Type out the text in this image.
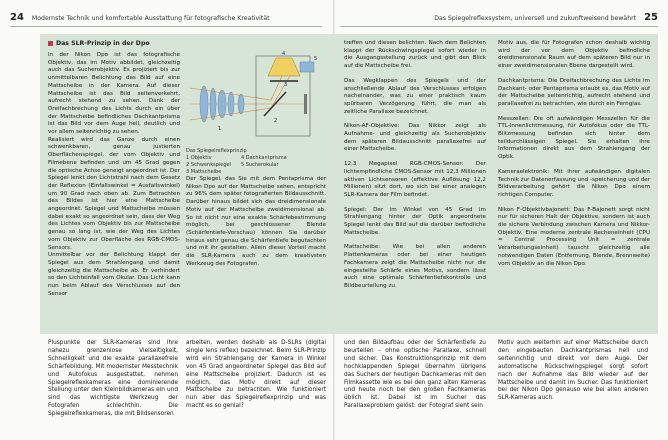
24 Modernste Technik und komfortable Ausstattung für fotografische Kreativität
Das SLR-Prinzip in der Dpo

In der Nikon Dpo ist das fotografische Objektiv, das im Motiv abbildet, gleichzeitig auch das Sucherobjektiv. Es projiziert bis zur unmittelbaren Belichtung das Bild auf eine Mattscheibe in der Kamera. Auf dieser Mattscheibe ist das Bild seitenverkehrt, aufrecht stehend zu sehen. Dank der Dreifachbrechung des Lichts durch ein über der Mattscheibe befindliches Dachkantprisma ist das Bild vor dem Auge hell, deutlich und vor allem seitenrichtig zu sehen.

Realisiert wird das Ganze durch einen schwenkbaren, genau justierten Oberflächenspiegel, der vom Objektiv und Filmebene befinden und um 45 Grad gegen die optische Achse geneigt angeordnet ist. Der Spiegel lenkt den Lichtstrahl nach dem Gesetz der Reflexion (Einfallswinkel = Ausfallswinkel) um 90 Grad nach oben ab. Zum Betrachten des Bildes ist hier eine Mattscheibe angeordnet. Spiegel und Mattscheibe müssen dabei exakt so angeordnet sein, dass der Weg des Lichtes vom Objektiv bis zur Mattscheibe genau so lang ist, wie der Weg des Lichtes vom Objektiv zur Oberfläche des RGB-CMOS-Sensors.

Unmittelbar vor der Belichtung klappt der Spiegel aus dem Strahlengang und damit gleichzeitig die Mattscheibe ab. Er verhindert so den Lichteinfall vom Okular. Das Licht kann nun beim Ablauf des Verschlusses auf den Sensor

1
2
3
4
5
Das Spiegelreflexprinzip
1 Objektiv
2 Schwenkspiegel
3 Mattscheibe
4 Dachkantprisma
5 Sucherokular

Der Spiegel, das Sie mit dem Pentaprisma der Nikon Dpo auf der Mattscheibe sehen, entspricht zu 96% dem später fotografierten Bildausschnitt. Darüber hinaus bildet sich das dreidimensionale Motiv auf der Mattscheibe zweidimensional ab. So ist nicht nur eine exakte Schärfebestimmung möglich, bei geschlossener Blende (Schärfentiefe-Vorschau) können Sie darüber hinaus sehr genau die Schärfentiefe begutachten und mit ihr gestalten. Allein dieser Vorteil macht die SLR-Kamera auch zu dem kreativsten Werkzeug des Fotografen.

Pluspunkte der SLR-Kameras sind ihre nahezu grenzenlose Vielseitigkeit, Schnelligkeit und die exakte parallaxefreie Schärfebildung. Mit modernster Messtechnik und Autofokus ausgestattet, nehmen Spiegelreflexkameras eine dominierende Stellung unter den Kleinbildkameras ein und sind das wichtigste Werkzeug der Fotografen schlechthin. Die Spiegelreflexkameras, die mit Bildsensoren
arbeiten, werden deshalb als D-SLRs (digital single lens reflex) bezeichnet. Beim SLR-Prinzip wird ein Strahlengang der Kamera in Winkel von 45 Grad angeordneter Spiegel das Bild auf eine Mattscheibe projiziert. Dadurch ist es möglich, das Motiv direkt auf dieser Mattscheibe zu betrachten. Wie funktioniert nun aber das Spiegelreflexprinzip und was macht es so genial?
Das Spiegelreflexsystem, universell und zukunftweisend bewährt 25

treffen und diesen belichten. Nach dem Belichten klappt der Rückschwingspiegel sofort wieder in die Ausgangsstellung zurück und gibt den Blick auf die Mattscheibe frei.

Das Wegklappen des Spiegels und der anschließende Ablauf des Verschlusses erfolgen nacheinander, was zu einer praktisch kaum spürbaren Verzögerung führt, die man als zeitliche Parallaxe bezeichnet.

Nikon-AF-Objektive: Das Nikkor zeigt als Aufnahme- und gleichzeitig als Sucherobjektiv dem späteren Bildausschnitt parallaxefrei auf einer Mattscheibe.

12,3 Megapixel RGB-CMOS-Sensor: Der lichtempfindliche CMOS-Sensor mit 12,3 Millionen aktiven Lichtsensoren (effektive Auflösung 12,2 Millionen) sitzt dort, wo sich bei einer analogen SLR-Kamera der Film befindet.

Spiegel: Der im Winkel von 45 Grad im Strahlengang hinter der Optik angeordnete Spiegel lenkt das Bild auf die darüber befindliche Mattscheibe.

Mattscheibe: Wie bei allen anderen Plattenkameras oder bei einer heutigen Fachkamera zeigt die Mattscheibe nicht nur die eingestellte Schärfe eines Motivs, sondern lässt auch eine optimale Schärfentiefekontrolle und Bildbeurteilung zu.

Motiv aus, die für Fotografen schon deshalb wichtig wird der vor dem Objektiv befindliche dreidimensionale Raum auf dem späteren Bild nur in einer zweidimensionalen Ebene dargestellt wird.

Dachkantprisma: Die Dreifachbrechung des Lichts im Dachkant- oder Pentaprisma erlaubt es, das Motiv auf der Mattscheibe seitenrichtig, aufrecht stehend und parallaxefrei zu betrachten, wie durch ein Fernglas.

Messzellen: Die oft aufwändigen Messzellen für die TTL-Innenlichtmessung, für Autofokus oder die TTL-Blitzmessung befinden sich hinter dem teildurchlässigen Spiegel. Sie erhalten ihre Informationen direkt aus dem Strahlengang der Optik.

Kameraelektronik: Mit ihrer aufwändigen digitalen Technik zur Datenerfassung und -speicherung und der Bildverarbeitung gehört die Nikon Dpo einem richtigen Computer.

Nikon F-Objektivbajonett: Das F-Bajonett sorgt nicht nur für sicheren Halt der Objektive, sondern ist auch die sichere Verbindung zwischen Kamera und Nikkor-Objektiv. Eine moderne zentrale Recheneinheit (CPU = Central Processing Unit = zentrale Verarbeitungseinheit) tauscht gleichzeitig alle notwendigen Daten (Entfernung, Blende, Brennweite) vom Objektiv an die Nikon Dpo.

und den Bildaufbau oder der Schärfentiefe zu beurteilen – ohne optische Parallaxe, schnell und sicher. Das Konstruktionsprinzip mit dem hochklappenden Spiegel übernahm übrigens das Suchers der heutigen Dachkameras mit den Filmkassette wie es bei den ganz alten Kameras und heute noch bei den großen Fachkameras üblich ist. Dabei ist im Sucher das Parallaxeproblem gelöst: der Fotograf sieht sein
Motiv auch weiterhin auf einer Mattscheibe durch den eingebauten Dachkantprismas hell und seitenrichtig und direkt vor dem Auge. Der automatische Rückschwingspiegel sorgt sofort nach der Aufnahme das Bild wieder auf der Mattscheibe und damit im Sucher. Das funktioniert bei der Nikon Dpo genauso wie bei allen anderen SLR-Kameras auch.
